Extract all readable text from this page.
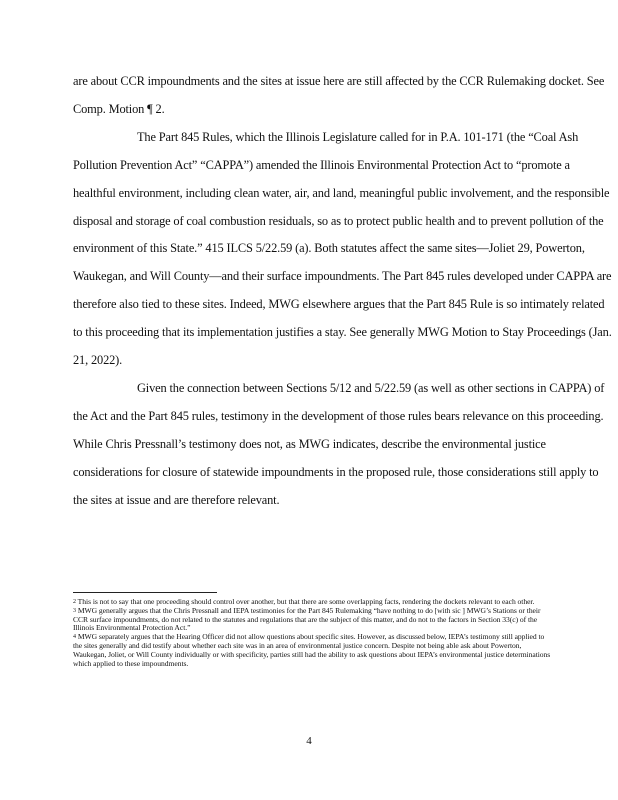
are about CCR impoundments and the sites at issue here are still affected by the CCR Rulemaking docket. See Comp. Motion ¶ 2.

The Part 845 Rules, which the Illinois Legislature called for in P.A. 101-171 (the “Coal Ash Pollution Prevention Act” “CAPPA”) amended the Illinois Environmental Protection Act to “promote a healthful environment, including clean water, air, and land, meaningful public involvement, and the responsible disposal and storage of coal combustion residuals, so as to protect public health and to prevent pollution of the environment of this State.” 415 ILCS 5/22.59 (a). Both statutes affect the same sites—Joliet 29, Powerton, Waukegan, and Will County—and their surface impoundments. The Part 845 rules developed under CAPPA are therefore also tied to these sites. Indeed, MWG elsewhere argues that the Part 845 Rule is so intimately related to this proceeding that its implementation justifies a stay. See generally MWG Motion to Stay Proceedings (Jan. 21, 2022).

Given the connection between Sections 5/12 and 5/22.59 (as well as other sections in CAPPA) of the Act and the Part 845 rules, testimony in the development of those rules bears relevance on this proceeding. While Chris Pressnall’s testimony does not, as MWG indicates, describe the environmental justice considerations for closure of statewide impoundments in the proposed rule, those considerations still apply to the sites at issue and are therefore relevant.

$^2$ This is not to say that one proceeding should control over another, but that there are some overlapping facts, rendering the dockets relevant to each other.

$^3$ MWG generally argues that the Chris Pressnall and IEPA testimonies for the Part 845 Rulemaking “have nothing to do [with sic ] MWG’s Stations or their CCR surface impoundments, do not related to the statutes and regulations that are the subject of this matter, and do not to the factors in Section 33(c) of the Illinois Environmental Protection Act.”

$^4$ MWG separately argues that the Hearing Officer did not allow questions about specific sites. However, as discussed below, IEPA’s testimony still applied to the sites generally and did testify about whether each site was in an area of environmental justice concern. Despite not being able ask about Powerton, Waukegan, Joliet, or Will County individually or with specificity, parties still had the ability to ask questions about IEPA’s environmental justice determinations which applied to these impoundments.

4
